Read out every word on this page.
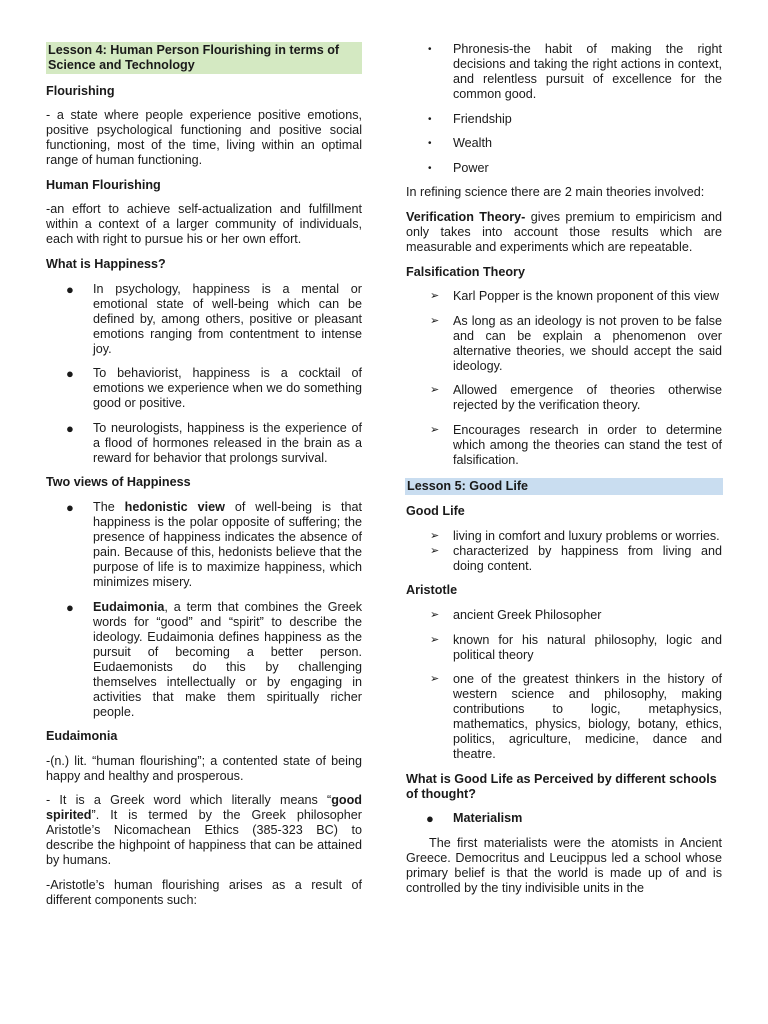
Lesson 4: Human Person Flourishing in terms of Science and Technology
Flourishing

- a state where people experience positive emotions, positive psychological functioning and positive social functioning, most of the time, living within an optimal range of human functioning.

Human Flourishing

-an effort to achieve self-actualization and fulfillment within a context of a larger community of individuals, each with right to pursue his or her own effort.

What is Happiness?
● In psychology, happiness is a mental or emotional state of well-being which can be defined by, among others, positive or pleasant emotions ranging from contentment to intense joy.
● To behaviorist, happiness is a cocktail of emotions we experience when we do something good or positive.
● To neurologists, happiness is the experience of a flood of hormones released in the brain as a reward for behavior that prolongs survival.
Two views of Happiness
● The hedonistic view of well-being is that happiness is the polar opposite of suffering; the presence of happiness indicates the absence of pain. Because of this, hedonists believe that the purpose of life is to maximize happiness, which minimizes misery.
● Eudaimonia, a term that combines the Greek words for “good” and “spirit” to describe the ideology. Eudaimonia defines happiness as the pursuit of becoming a better person. Eudaemonists do this by challenging themselves intellectually or by engaging in activities that make them spiritually richer people.
Eudaimonia

-(n.) lit. “human flourishing”; a contented state of being happy and healthy and prosperous.

- It is a Greek word which literally means “good spirited”. It is termed by the Greek philosopher Aristotle’s Nicomachean Ethics (385-323 BC) to describe the highpoint of happiness that can be attained by humans.

-Aristotle’s human flourishing arises as a result of different components such:

• Phronesis-the habit of making the right decisions and taking the right actions in context, and relentless pursuit of excellence for the common good.
• Friendship
• Wealth
• Power

In refining science there are 2 main theories involved:

Verification Theory- gives premium to empiricism and only takes into account those results which are measurable and experiments which are repeatable.

Falsification Theory
➢ Karl Popper is the known proponent of this view
➢ As long as an ideology is not proven to be false and can be explain a phenomenon over alternative theories, we should accept the said ideology.
➢ Allowed emergence of theories otherwise rejected by the verification theory.
➢ Encourages research in order to determine which among the theories can stand the test of falsification.
Lesson 5: Good Life
Good Life
➢ living in comfort and luxury problems or worries.
➢ characterized by happiness from living and doing content.
Aristotle
➢ ancient Greek Philosopher
➢ known for his natural philosophy, logic and political theory
➢ one of the greatest thinkers in the history of western science and philosophy, making contributions to logic, metaphysics, mathematics, physics, biology, botany, ethics, politics, agriculture, medicine, dance and theatre.
What is Good Life as Perceived by different schools of thought?
● Materialism

The first materialists were the atomists in Ancient Greece. Democritus and Leucippus led a school whose primary belief is that the world is made up of and is controlled by the tiny indivisible units in the
